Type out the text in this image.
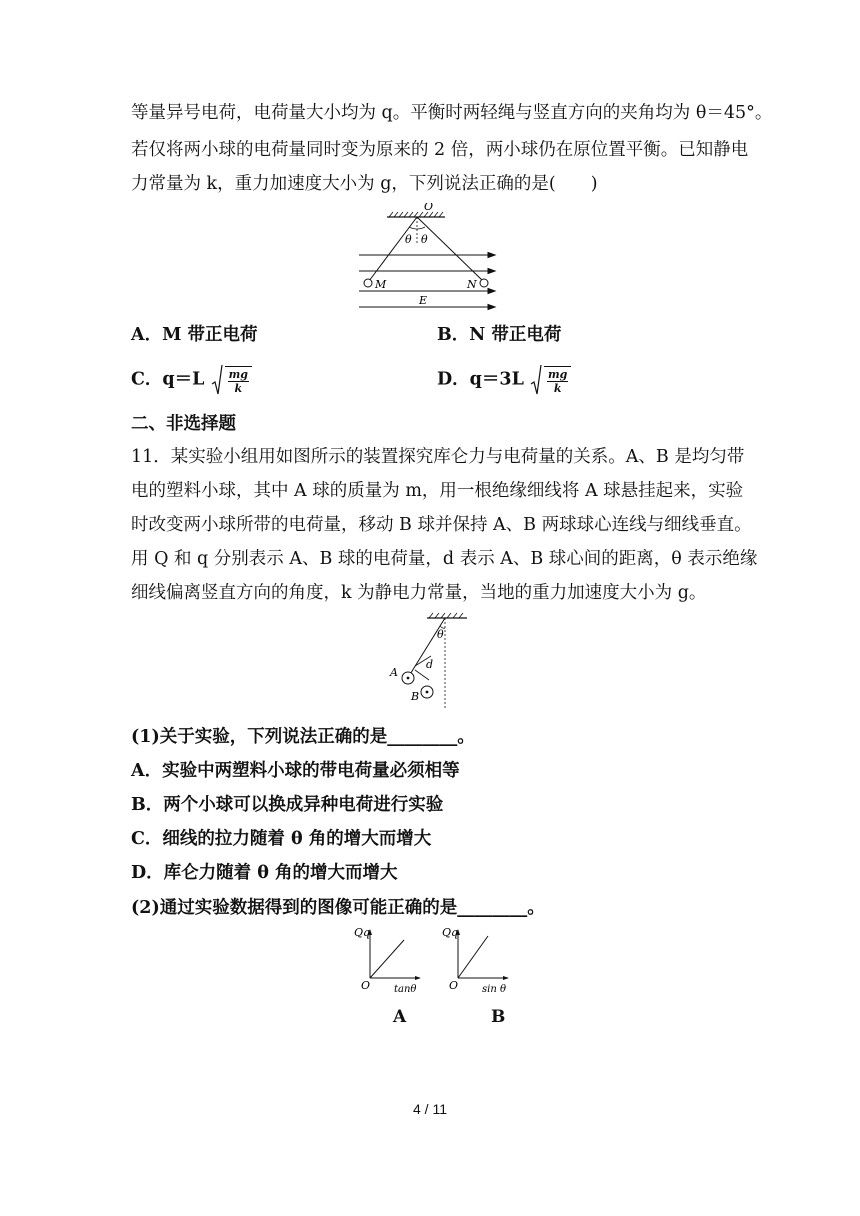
等量异号电荷，电荷量大小均为 q。平衡时两轻绳与竖直方向的夹角均为 θ＝45°。
若仅将两小球的电荷量同时变为原来的 2 倍，两小球仍在原位置平衡。已知静电
力常量为 k，重力加速度大小为 g，下列说法正确的是(　　)
O
θ θ
M	N
E
A．M 带正电荷	B．N 带正电荷
C．$q=L \frac{mg}{k}$	D．$q=3L \frac{mg}{k}$
二、非选择题
11．某实验小组用如图所示的装置探究库仑力与电荷量的关系。A、B 是均匀带
电的塑料小球，其中 A 球的质量为 m，用一根绝缘细线将 A 球悬挂起来，实验
时改变两小球所带的电荷量，移动 B 球并保持 A、B 两球球心连线与细线垂直。
用 Q 和 q 分别表示 A、B 球的电荷量，d 表示 A、B 球心间的距离，θ 表示绝缘
细线偏离竖直方向的角度，k 为静电力常量，当地的重力加速度大小为 g。
θ
d
A
B
(1)关于实验，下列说法正确的是________。
A．实验中两塑料小球的带电荷量必须相等
B．两个小球可以换成异种电荷进行实验
C．细线的拉力随着 θ 角的增大而增大
D．库仑力随着 θ 角的增大而增大
(2)通过实验数据得到的图像可能正确的是________。
Qq
O tanθ
A
Qq
O sin θ
B
4 / 11
